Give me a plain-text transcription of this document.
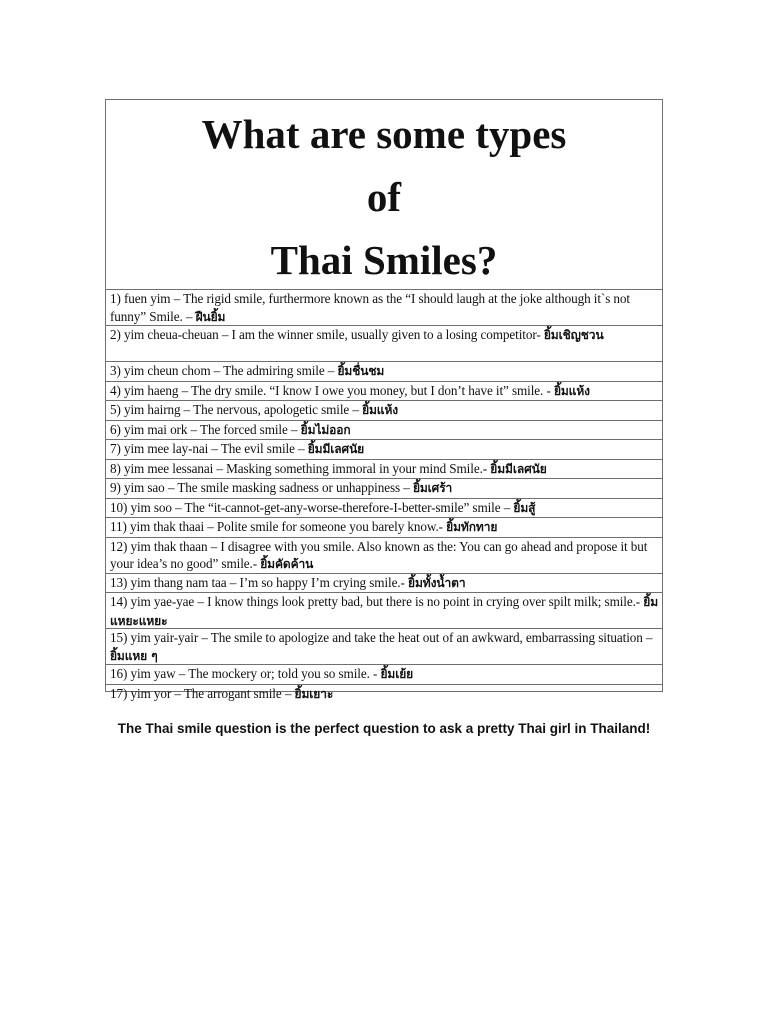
What are some types
of
Thai Smiles?
1) fuen yim – The rigid smile, furthermore known as the “I should laugh at the joke although it`s not funny” Smile. – ฝืนยิ้ม
2) yim cheua-cheuan – I am the winner smile, usually given to a losing competitor- ยิ้มเชิญชวน
3) yim cheun chom – The admiring smile – ยิ้มชื่นชม
4) yim haeng – The dry smile. “I know I owe you money, but I don’t have it” smile. - ยิ้มแห้ง
5) yim hairng – The nervous, apologetic smile – ยิ้มแห้ง
6) yim mai ork – The forced smile – ยิ้มไม่ออก
7) yim mee lay-nai – The evil smile – ยิ้มมีเลศนัย
8) yim mee lessanai – Masking something immoral in your mind Smile.- ยิ้มมีเลศนัย
9) yim sao – The smile masking sadness or unhappiness – ยิ้มเศร้า
10) yim soo – The “it-cannot-get-any-worse-therefore-I-better-smile” smile – ยิ้มสู้
11) yim thak thaai – Polite smile for someone you barely know.- ยิ้มทักทาย
12) yim thak thaan – I disagree with you smile. Also known as the: You can go ahead and propose it but your idea’s no good” smile.- ยิ้มคัดค้าน
13) yim thang nam taa – I’m so happy I’m crying smile.- ยิ้มทั้งน้ำตา
14) yim yae-yae – I know things look pretty bad, but there is no point in crying over spilt milk; smile.- ยิ้มแหยะแหยะ
15) yim yair-yair – The smile to apologize and take the heat out of an awkward, embarrassing situation – ยิ้มแหย ๆ
16) yim yaw – The mockery or; told you so smile. - ยิ้มเย้ย
17) yim yor – The arrogant smile – ยิ้มเยาะ
The Thai smile question is the perfect question to ask a pretty Thai girl in Thailand!
